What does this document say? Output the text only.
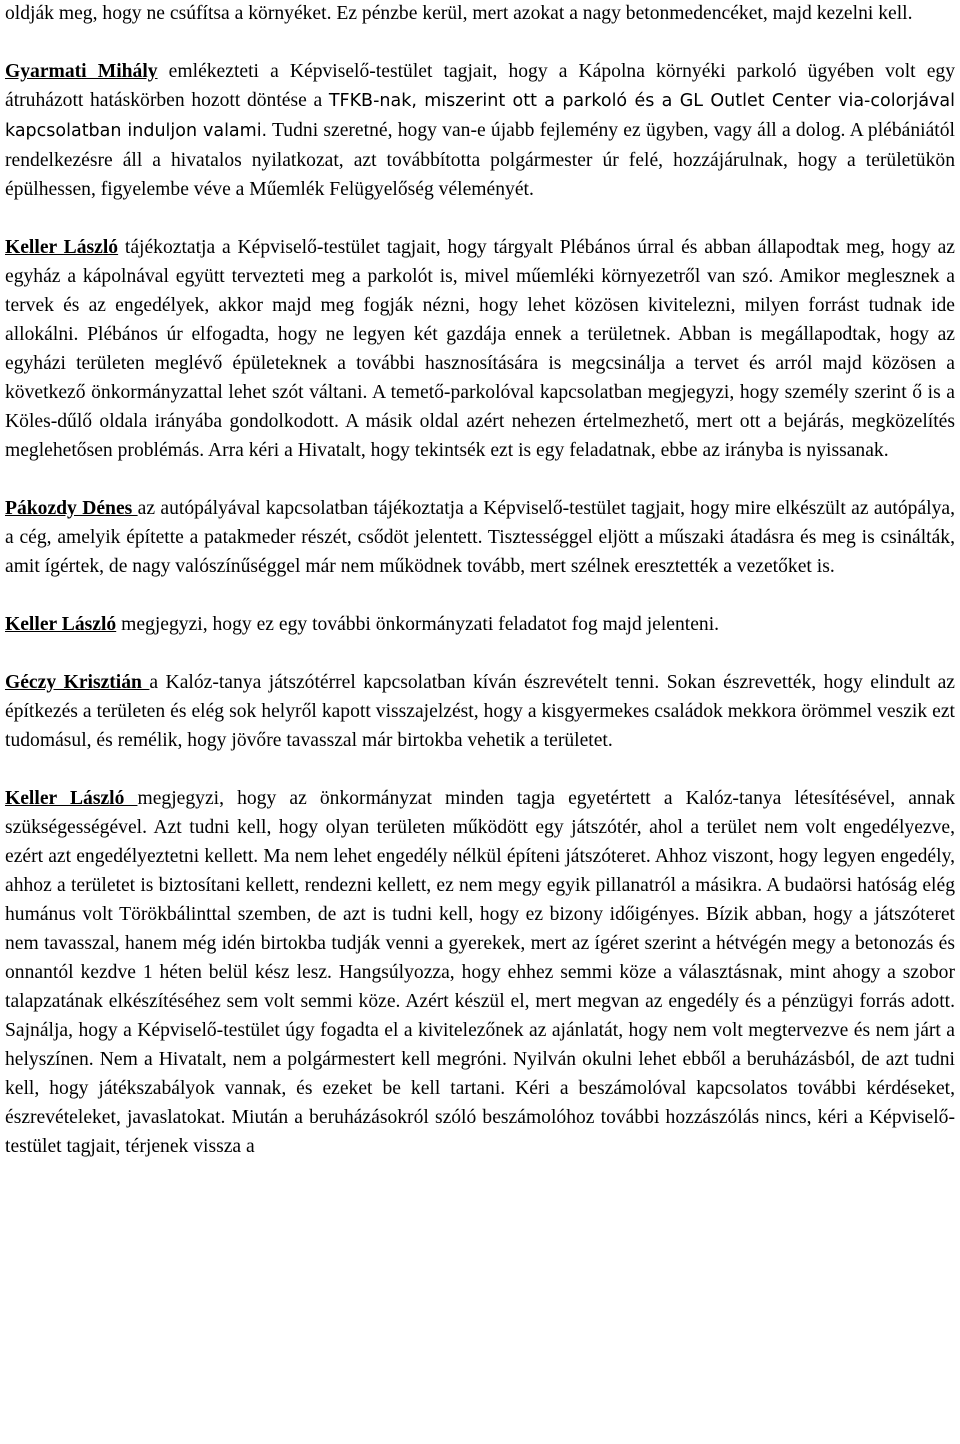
oldják meg, hogy ne csúfítsa a környéket. Ez pénzbe kerül, mert azokat a nagy betonmedencéket, majd kezelni kell.

Gyarmati Mihály emlékezteti a Képviselő-testület tagjait, hogy a Kápolna környéki parkoló ügyében volt egy átruházott hatáskörben hozott döntése a TFKB-nak, miszerint ott a parkoló és a GL Outlet Center via-colorjával kapcsolatban induljon valami. Tudni szeretné, hogy van-e újabb fejlemény ez ügyben, vagy áll a dolog. A plébániától rendelkezésre áll a hivatalos nyilatkozat, azt továbbította polgármester úr felé, hozzájárulnak, hogy a területükön épülhessen, figyelembe véve a Műemlék Felügyelőség véleményét.

Keller László tájékoztatja a Képviselő-testület tagjait, hogy tárgyalt Plébános úrral és abban állapodtak meg, hogy az egyház a kápolnával együtt tervezteti meg a parkolót is, mivel műemléki környezetről van szó. Amikor meglesznek a tervek és az engedélyek, akkor majd meg fogják nézni, hogy lehet közösen kivitelezni, milyen forrást tudnak ide allokálni. Plébános úr elfogadta, hogy ne legyen két gazdája ennek a területnek. Abban is megállapodtak, hogy az egyházi területen meglévő épületeknek a további hasznosítására is megcsinálja a tervet és arról majd közösen a következő önkormányzattal lehet szót váltani. A temető-parkolóval kapcsolatban megjegyzi, hogy személy szerint ő is a Köles-dűlő oldala irányába gondolkodott. A másik oldal azért nehezen értelmezhető, mert ott a bejárás, megközelítés meglehetősen problémás. Arra kéri a Hivatalt, hogy tekintsék ezt is egy feladatnak, ebbe az irányba is nyissanak.

Pákozdy Dénes az autópályával kapcsolatban tájékoztatja a Képviselő-testület tagjait, hogy mire elkészült az autópálya, a cég, amelyik építette a patakmeder részét, csődöt jelentett. Tisztességgel eljött a műszaki átadásra és meg is csinálták, amit ígértek, de nagy valószínűséggel már nem működnek tovább, mert szélnek eresztették a vezetőket is.

Keller László megjegyzi, hogy ez egy további önkormányzati feladatot fog majd jelenteni.

Géczy Krisztián a Kalóz-tanya játszótérrel kapcsolatban kíván észrevételt tenni. Sokan észrevették, hogy elindult az építkezés a területen és elég sok helyről kapott visszajelzést, hogy a kisgyermekes családok mekkora örömmel veszik ezt tudomásul, és remélik, hogy jövőre tavasszal már birtokba vehetik a területet.

Keller László megjegyzi, hogy az önkormányzat minden tagja egyetértett a Kalóz-tanya létesítésével, annak szükségességével. Azt tudni kell, hogy olyan területen működött egy játszótér, ahol a terület nem volt engedélyezve, ezért azt engedélyeztetni kellett. Ma nem lehet engedély nélkül építeni játszóteret. Ahhoz viszont, hogy legyen engedély, ahhoz a területet is biztosítani kellett, rendezni kellett, ez nem megy egyik pillanatról a másikra. A budaörsi hatóság elég humánus volt Törökbálinttal szemben, de azt is tudni kell, hogy ez bizony időigényes. Bízik abban, hogy a játszóteret nem tavasszal, hanem még idén birtokba tudják venni a gyerekek, mert az ígéret szerint a hétvégén megy a betonozás és onnantól kezdve 1 héten belül kész lesz. Hangsúlyozza, hogy ehhez semmi köze a választásnak, mint ahogy a szobor talapzatának elkészítéséhez sem volt semmi köze. Azért készül el, mert megvan az engedély és a pénzügyi forrás adott. Sajnálja, hogy a Képviselő-testület úgy fogadta el a kivitelezőnek az ajánlatát, hogy nem volt megtervezve és nem járt a helyszínen. Nem a Hivatalt, nem a polgármestert kell megróni. Nyilván okulni lehet ebből a beruházásból, de azt tudni kell, hogy játékszabályok vannak, és ezeket be kell tartani. Kéri a beszámolóval kapcsolatos további kérdéseket, észrevételeket, javaslatokat. Miután a beruházásokról szóló beszámolóhoz további hozzászólás nincs, kéri a Képviselő-testület tagjait, térjenek vissza a
